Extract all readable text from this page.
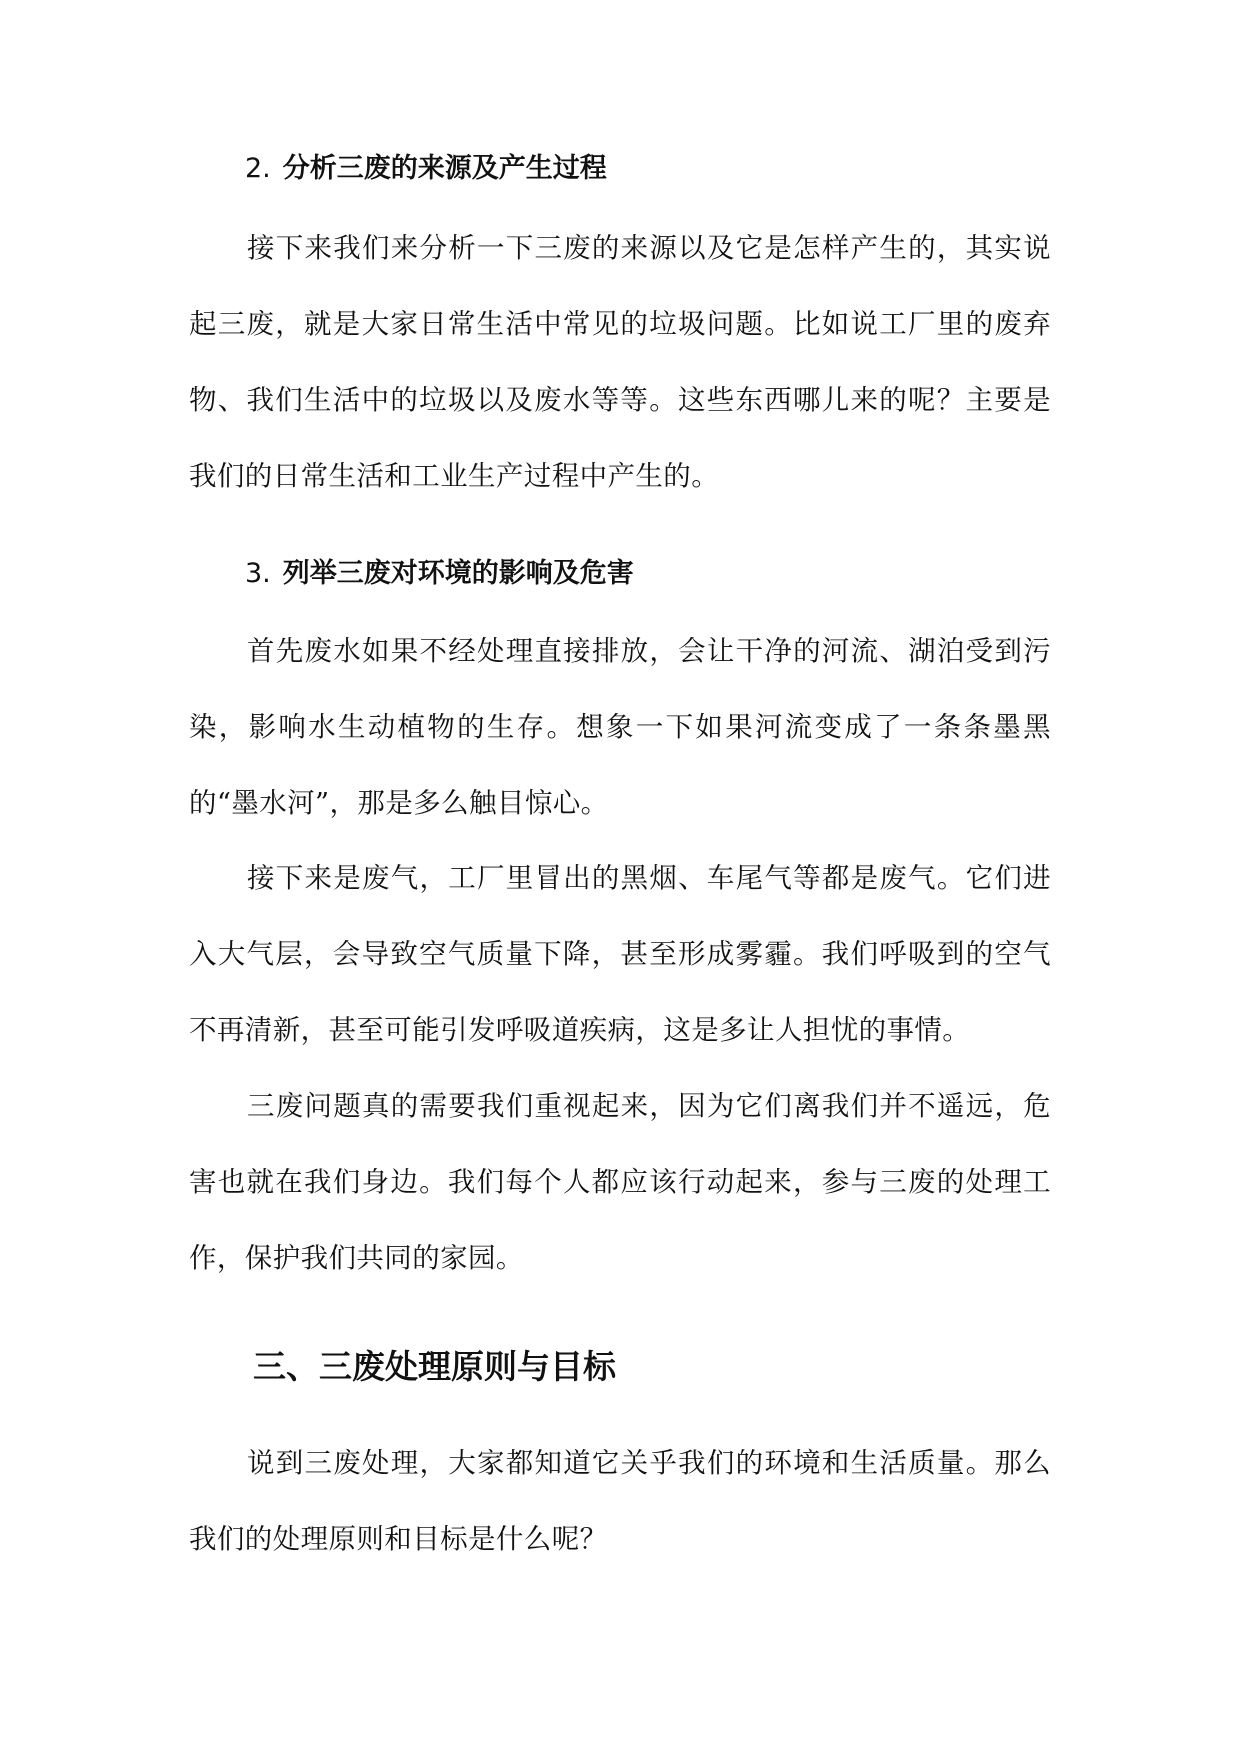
2. 分析三废的来源及产生过程

接下来我们来分析一下三废的来源以及它是怎样产生的，其实说起三废，就是大家日常生活中常见的垃圾问题。比如说工厂里的废弃物、我们生活中的垃圾以及废水等等。这些东西哪儿来的呢？主要是我们的日常生活和工业生产过程中产生的。

3. 列举三废对环境的影响及危害

首先废水如果不经处理直接排放，会让干净的河流、湖泊受到污染，影响水生动植物的生存。想象一下如果河流变成了一条条墨黑的“墨水河”，那是多么触目惊心。

接下来是废气，工厂里冒出的黑烟、车尾气等都是废气。它们进入大气层，会导致空气质量下降，甚至形成雾霾。我们呼吸到的空气不再清新，甚至可能引发呼吸道疾病，这是多让人担忧的事情。

三废问题真的需要我们重视起来，因为它们离我们并不遥远，危害也就在我们身边。我们每个人都应该行动起来，参与三废的处理工作，保护我们共同的家园。

三、三废处理原则与目标

说到三废处理，大家都知道它关乎我们的环境和生活质量。那么我们的处理原则和目标是什么呢？
